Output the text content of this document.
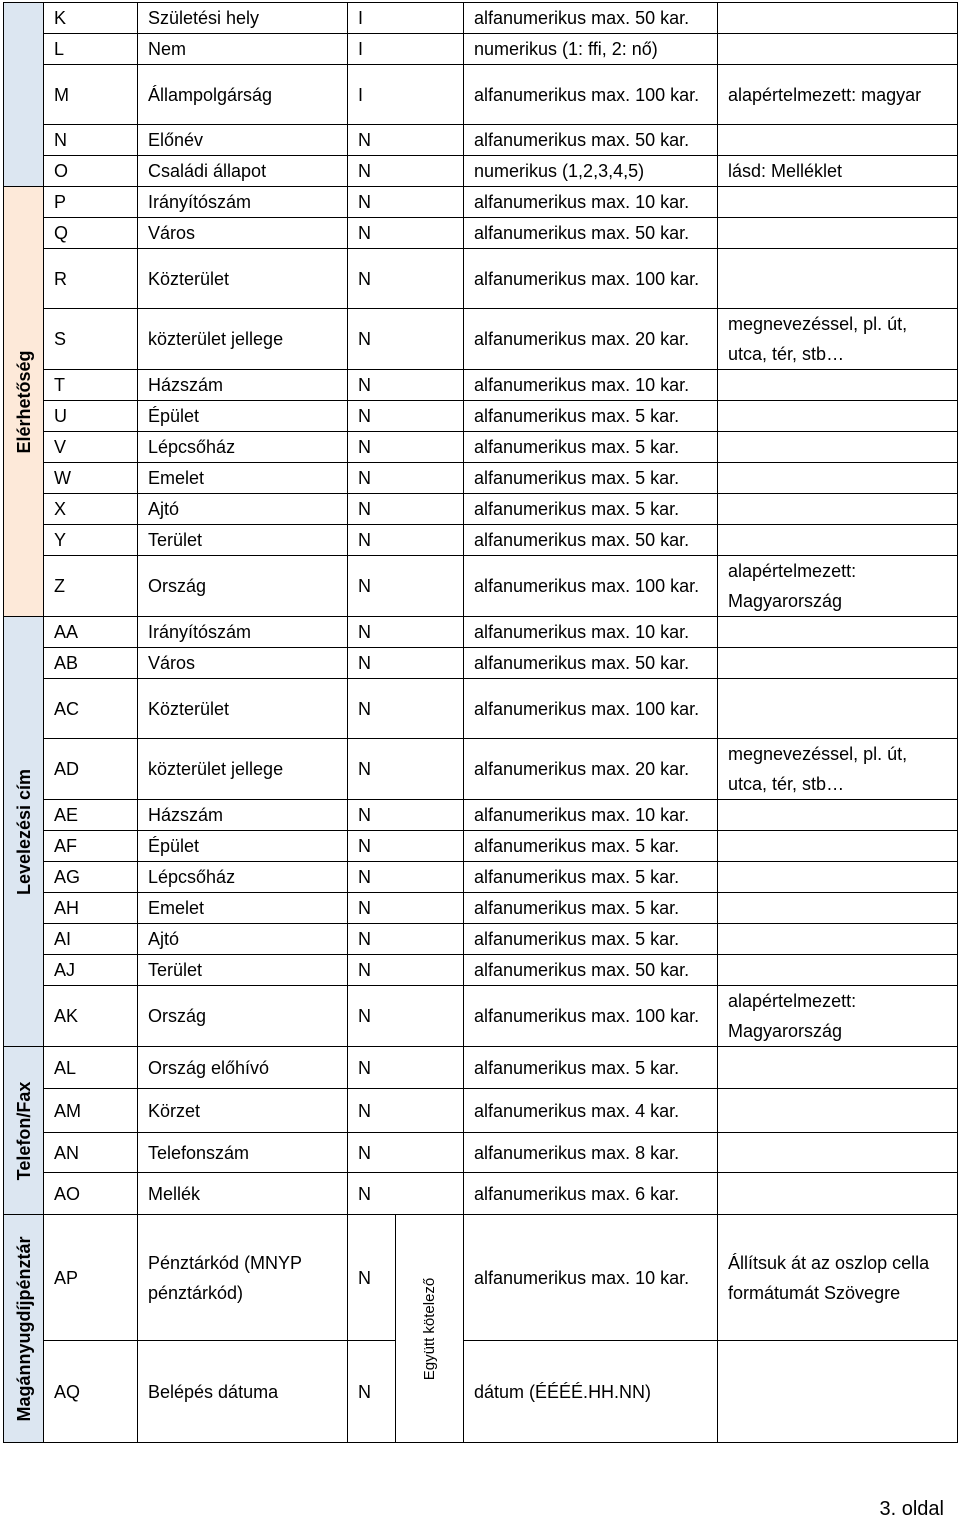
	K	Születési hely	I		alfanumerikus max. 50 kar.	
	L	Nem	I		numerikus (1: ffi, 2: nő)	
	M	Állampolgárság	I		alfanumerikus max. 100 kar.	alapértelmezett: magyar
	N	Előnév	N		alfanumerikus max. 50 kar.	
	O	Családi állapot	N		numerikus (1,2,3,4,5)	lásd: Melléklet

Elérhetőség	P	Irányítószám	N		alfanumerikus max. 10 kar.	
	Q	Város	N		alfanumerikus max. 50 kar.	
	R	Közterület	N		alfanumerikus max. 100 kar.	
	S	közterület jellege	N		alfanumerikus max. 20 kar.	megnevezéssel, pl. út, utca, tér, stb…
	T	Házszám	N		alfanumerikus max. 10 kar.	
	U	Épület	N		alfanumerikus max. 5 kar.	
	V	Lépcsőház	N		alfanumerikus max. 5 kar.	
	W	Emelet	N		alfanumerikus max. 5 kar.	
	X	Ajtó	N		alfanumerikus max. 5 kar.	
	Y	Terület	N		alfanumerikus max. 50 kar.	
	Z	Ország	N		alfanumerikus max. 100 kar.	alapértelmezett: Magyarország

Levelezési cím	AA	Irányítószám	N		alfanumerikus max. 10 kar.	
	AB	Város	N		alfanumerikus max. 50 kar.	
	AC	Közterület	N		alfanumerikus max. 100 kar.	
	AD	közterület jellege	N		alfanumerikus max. 20 kar.	megnevezéssel, pl. út, utca, tér, stb…
	AE	Házszám	N		alfanumerikus max. 10 kar.	
	AF	Épület	N		alfanumerikus max. 5 kar.	
	AG	Lépcsőház	N		alfanumerikus max. 5 kar.	
	AH	Emelet	N		alfanumerikus max. 5 kar.	
	AI	Ajtó	N		alfanumerikus max. 5 kar.	
	AJ	Terület	N		alfanumerikus max. 50 kar.	
	AK	Ország	N		alfanumerikus max. 100 kar.	alapértelmezett: Magyarország

Telefon/Fax	AL	Ország előhívó	N		alfanumerikus max. 5 kar.	
	AM	Körzet	N		alfanumerikus max. 4 kar.	
	AN	Telefonszám	N		alfanumerikus max. 8 kar.	
	AO	Mellék	N		alfanumerikus max. 6 kar.	

Magánnyugdíjpénztár	AP	Pénztárkód (MNYP pénztárkód)	N	Együtt kötelező	alfanumerikus max. 10 kar.	Állítsuk át az oszlop cella formátumát Szövegre
	AQ	Belépés dátuma	N		dátum (ÉÉÉÉ.HH.NN)	
3. oldal
